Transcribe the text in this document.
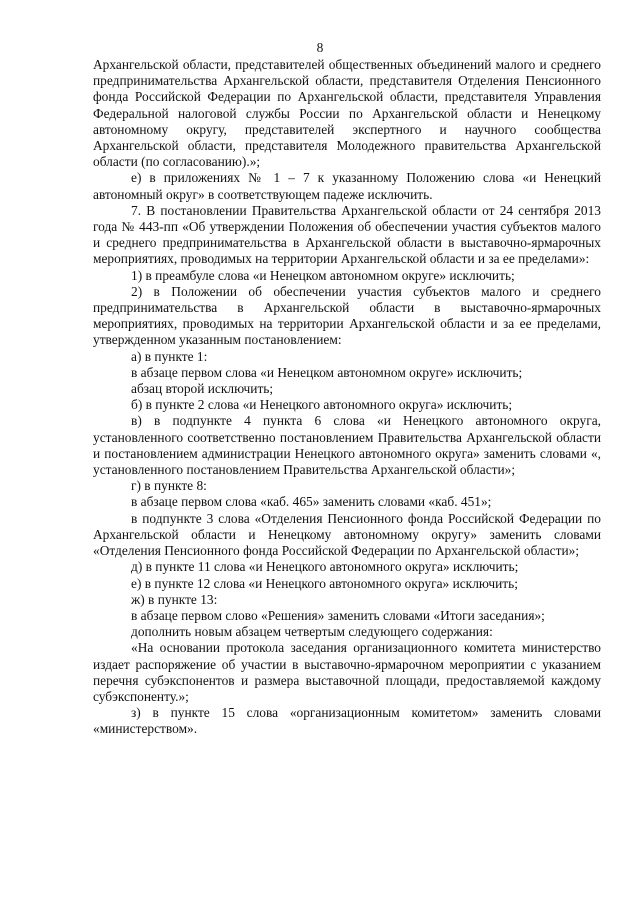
8

Архангельской области, представителей общественных объединений малого и среднего предпринимательства Архангельской области, представителя Отделения Пенсионного фонда Российской Федерации по Архангельской области, представителя Управления Федеральной налоговой службы России по Архангельской области и Ненецкому автономному округу, представителей экспертного и научного сообщества Архангельской области, представителя Молодежного правительства Архангельской области (по согласованию).»;

е) в приложениях № 1 – 7 к указанному Положению слова «и Ненецкий автономный округ» в соответствующем падеже исключить.

7. В постановлении Правительства Архангельской области от 24 сентября 2013 года № 443-пп «Об утверждении Положения об обеспечении участия субъектов малого и среднего предпринимательства в Архангельской области в выставочно-ярмарочных мероприятиях, проводимых на территории Архангельской области и за ее пределами»:

1) в преамбуле слова «и Ненецком автономном округе» исключить;

2) в Положении об обеспечении участия субъектов малого и среднего предпринимательства в Архангельской области в выставочно-ярмарочных мероприятиях, проводимых на территории Архангельской области и за ее пределами, утвержденном указанным постановлением:

а) в пункте 1:

в абзаце первом слова «и Ненецком автономном округе» исключить;

абзац второй исключить;

б) в пункте 2 слова «и Ненецкого автономного округа» исключить;

в) в подпункте 4 пункта 6 слова «и Ненецкого автономного округа, установленного соответственно постановлением Правительства Архангельской области и постановлением администрации Ненецкого автономного округа» заменить словами «, установленного постановлением Правительства Архангельской области»;

г) в пункте 8:

в абзаце первом слова «каб. 465» заменить словами «каб. 451»;

в подпункте 3 слова «Отделения Пенсионного фонда Российской Федерации по Архангельской области и Ненецкому автономному округу» заменить словами «Отделения Пенсионного фонда Российской Федерации по Архангельской области»;

д) в пункте 11 слова «и Ненецкого автономного округа» исключить;

е) в пункте 12 слова «и Ненецкого автономного округа» исключить;

ж) в пункте 13:

в абзаце первом слово «Решения» заменить словами «Итоги заседания»;

дополнить новым абзацем четвертым следующего содержания:

«На основании протокола заседания организационного комитета министерство издает распоряжение об участии в выставочно-ярмарочном мероприятии с указанием перечня субэкспонентов и размера выставочной площади, предоставляемой каждому субэкспоненту.»;

з) в пункте 15 слова «организационным комитетом» заменить словами «министерством».
